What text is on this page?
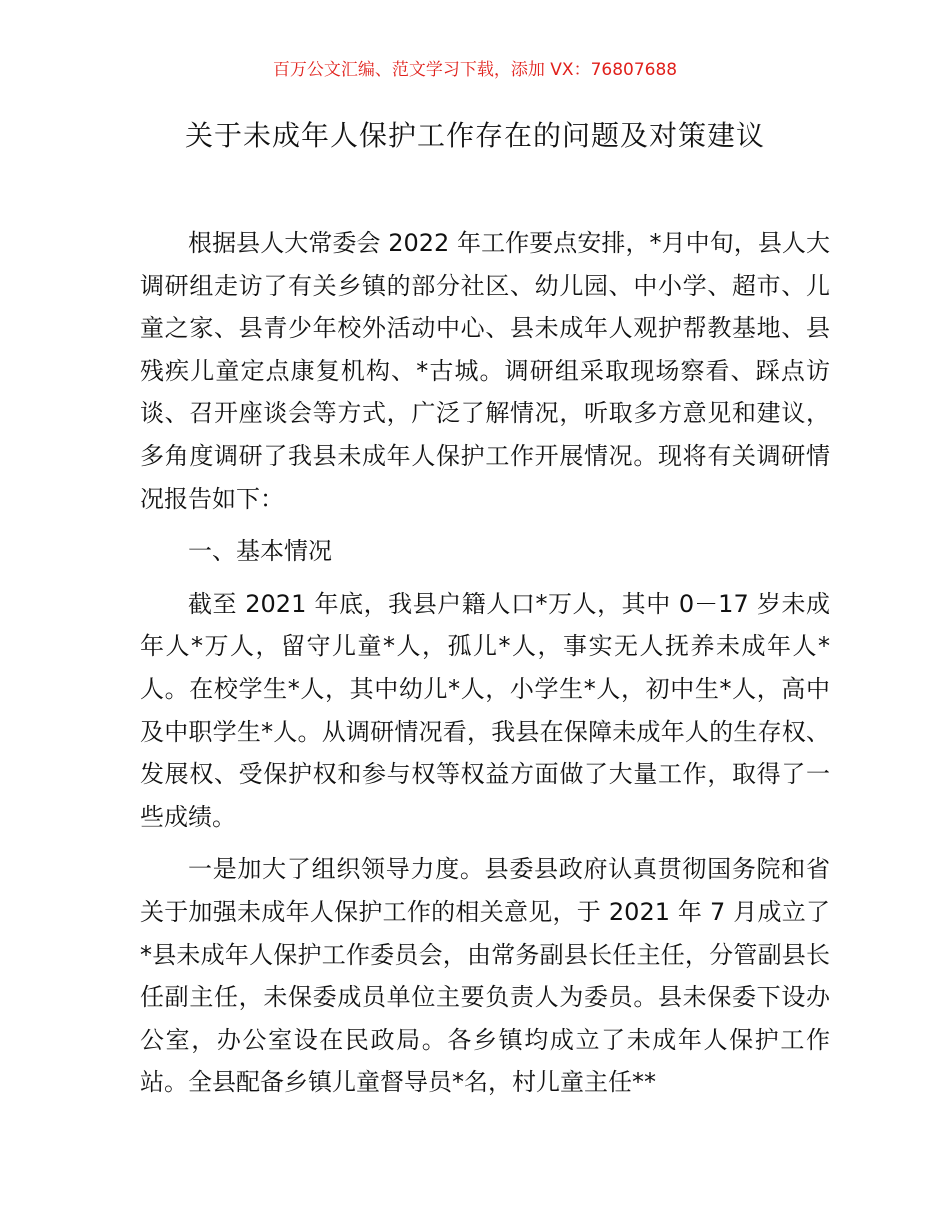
百万公文汇编、范文学习下载，添加 VX：76807688
关于未成年人保护工作存在的问题及对策建议

根据县人大常委会 2022 年工作要点安排，*月中旬，县人大调研组走访了有关乡镇的部分社区、幼儿园、中小学、超市、儿童之家、县青少年校外活动中心、县未成年人观护帮教基地、县残疾儿童定点康复机构、*古城。调研组采取现场察看、踩点访谈、召开座谈会等方式，广泛了解情况，听取多方意见和建议，多角度调研了我县未成年人保护工作开展情况。现将有关调研情况报告如下：

一、基本情况

截至 2021 年底，我县户籍人口*万人，其中 0－17 岁未成年人*万人，留守儿童*人，孤儿*人，事实无人抚养未成年人*人。在校学生*人，其中幼儿*人，小学生*人，初中生*人，高中及中职学生*人。从调研情况看，我县在保障未成年人的生存权、发展权、受保护权和参与权等权益方面做了大量工作，取得了一些成绩。

一是加大了组织领导力度。县委县政府认真贯彻国务院和省关于加强未成年人保护工作的相关意见，于 2021 年 7 月成立了*县未成年人保护工作委员会，由常务副县长任主任，分管副县长任副主任，未保委成员单位主要负责人为委员。县未保委下设办公室，办公室设在民政局。各乡镇均成立了未成年人保护工作站。全县配备乡镇儿童督导员*名，村儿童主任**
